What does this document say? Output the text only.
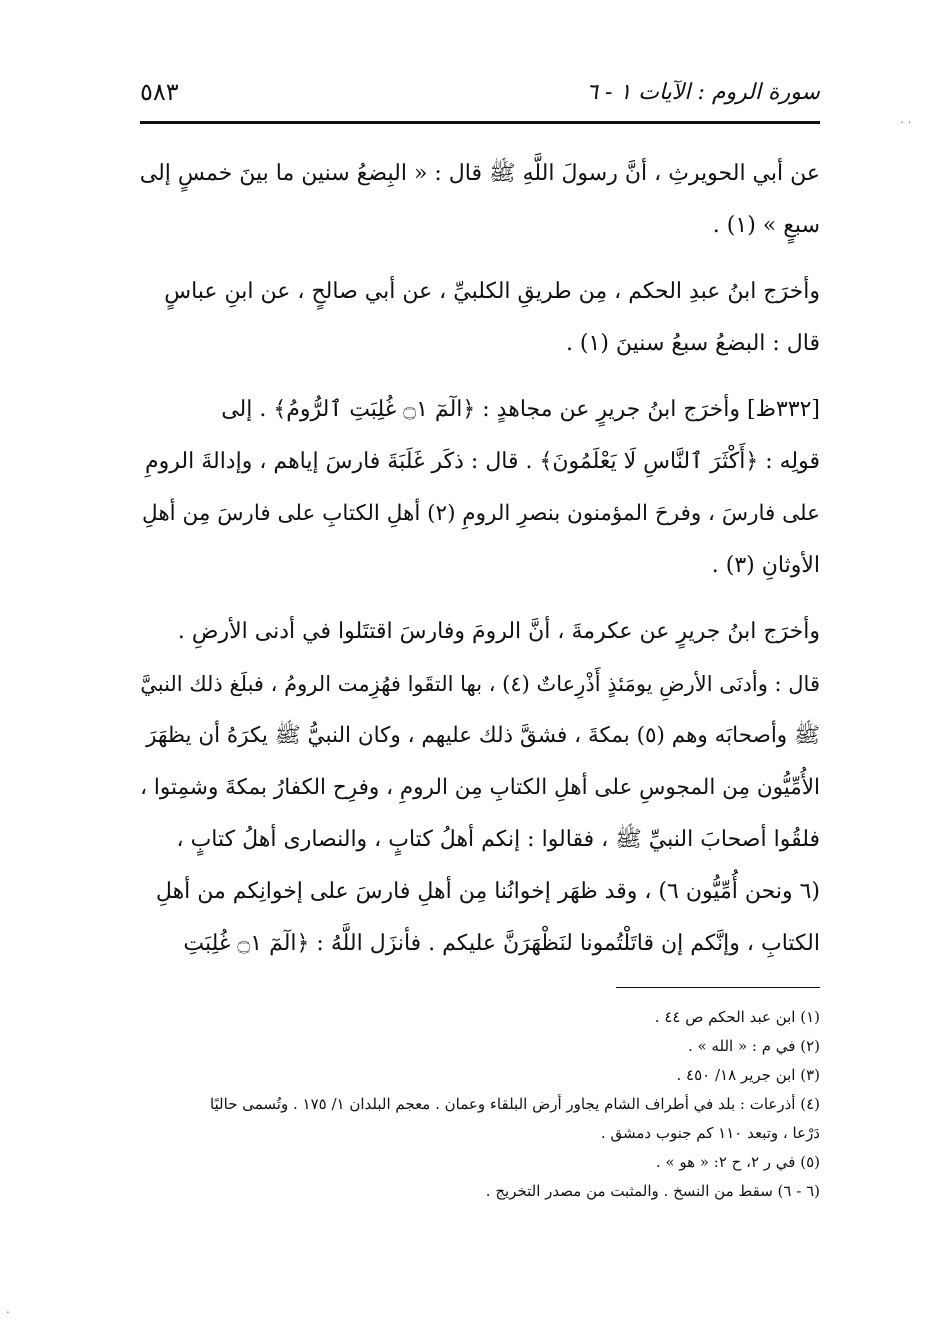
سورة الروم : الآيات ١ - ٦
٥٨٣

عن أبي الحويرثِ ، أنَّ رسولَ اللَّهِ ﷺ قال : « البِضعُ سنين ما بينَ خمسٍ إلى
سبعٍ » (١) .

وأخرَج ابنُ عبدِ الحكم ، مِن طريقِ الكلبيِّ ، عن أبي صالحٍ ، عن ابنِ عباسٍ
قال : البضعُ سبعُ سنينَ (١) .

[٣٣٢ظ] وأخرَج ابنُ جريرٍ عن مجاهدٍ : ﴿الٓمٓ ۝١ غُلِبَتِ ٱلرُّومُ﴾ . إلى
قولِه : ﴿أَكْثَرَ ٱلنَّاسِ لَا يَعْلَمُونَ﴾ . قال : ذكَر غَلَبَةَ فارسَ إياهم ، وإدالةَ الرومِ
على فارسَ ، وفرحَ المؤمنون بنصرِ الرومِ (٢) أهلِ الكتابِ على فارسَ مِن أهلِ
الأوثانِ (٣) .

وأخرَج ابنُ جريرٍ عن عكرمةَ ، أنَّ الرومَ وفارسَ اقتتَلوا في أدنى الأرضِ .
قال : وأدنَى الأرضِ يومَئذٍ أَذْرِعاتٌ (٤) ، بها التقَوا فهُزِمت الرومُ ، فبلَغ ذلك النبيَّ
ﷺ وأصحابَه وهم (٥) بمكةَ ، فشقَّ ذلك عليهم ، وكان النبيُّ ﷺ يكرَهُ أن يظهَرَ
الأُمِّيُّون مِن المجوسِ على أهلِ الكتابِ مِن الرومِ ، وفرِح الكفارُ بمكةَ وشمِتوا ،
فلقُوا أصحابَ النبيِّ ﷺ ، فقالوا : إنكم أهلُ كتابٍ ، والنصارى أهلُ كتابٍ ،
(٦ ونحن أُمِّيُّون ٦) ، وقد ظهَر إخوانُنا مِن أهلِ فارسَ على إخوانِكم من أهلِ
الكتابِ ، وإنَّكم إن قاتَلْتُمونا لنَظْهَرَنَّ عليكم . فأنزَل اللَّهُ : ﴿الٓمٓ ۝١ غُلِبَتِ

(١) ابن عبد الحكم ص ٤٤ .
(٢) في م : « الله » .
(٣) ابن جرير ١٨/ ٤٥٠ .
(٤) أذرعات : بلد في أطراف الشام يجاور أرض البلقاء وعمان . معجم البلدان ١/ ١٧٥ . وتُسمى حاليًا
دَرْعا ، وتبعد ١١٠ كم جنوب دمشق .
(٥) في ر ٢، ح ٢: « هو » .
(٦ - ٦) سقط من النسخ . والمثبت من مصدر التخريج .
. .
.
